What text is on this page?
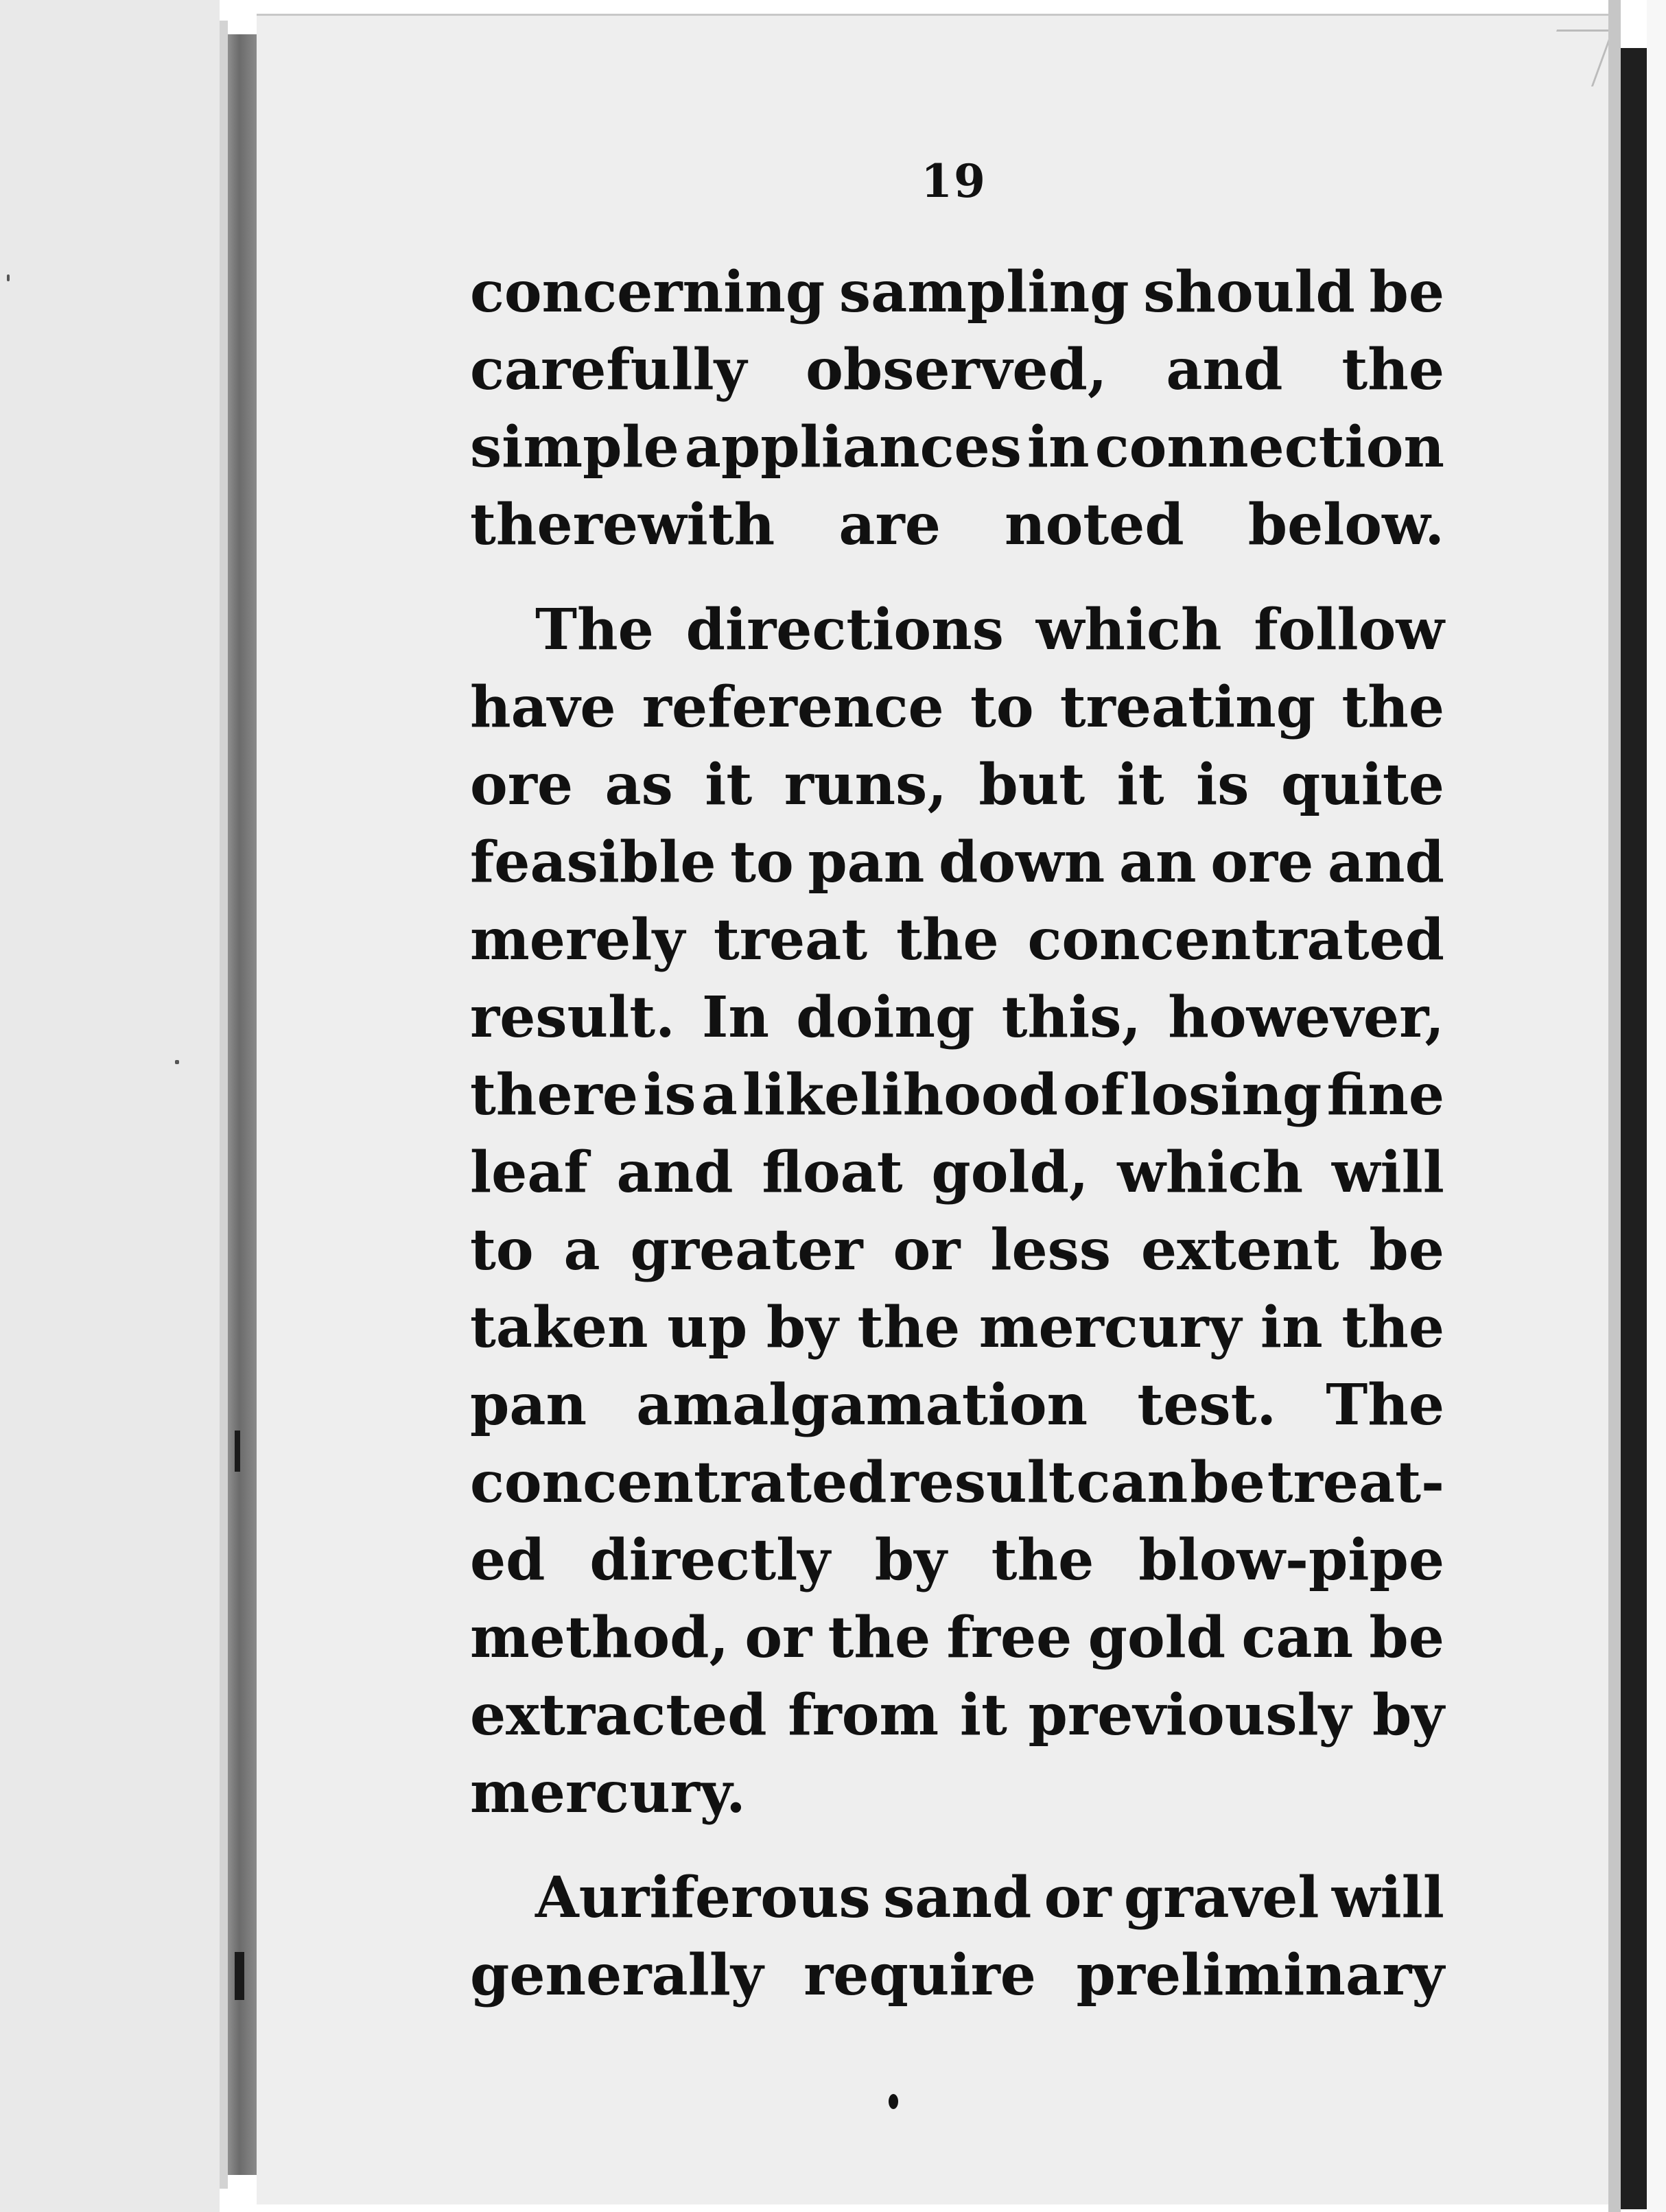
19
concerning sampling should be
carefully observed, and the
simple appliances in connection
therewith are noted below.
The directions which follow
have reference to treating the
ore as it runs, but it is quite
feasible to pan down an ore and
merely treat the concentrated
result. In doing this, however,
there is a likelihood of losing fine
leaf and float gold, which will
to a greater or less extent be
taken up by the mercury in the
pan amalgamation test. The
concentrated result can be treat-
ed directly by the blow-pipe
method, or the free gold can be
extracted from it previously by
mercury.
Auriferous sand or gravel will
generally require preliminary
